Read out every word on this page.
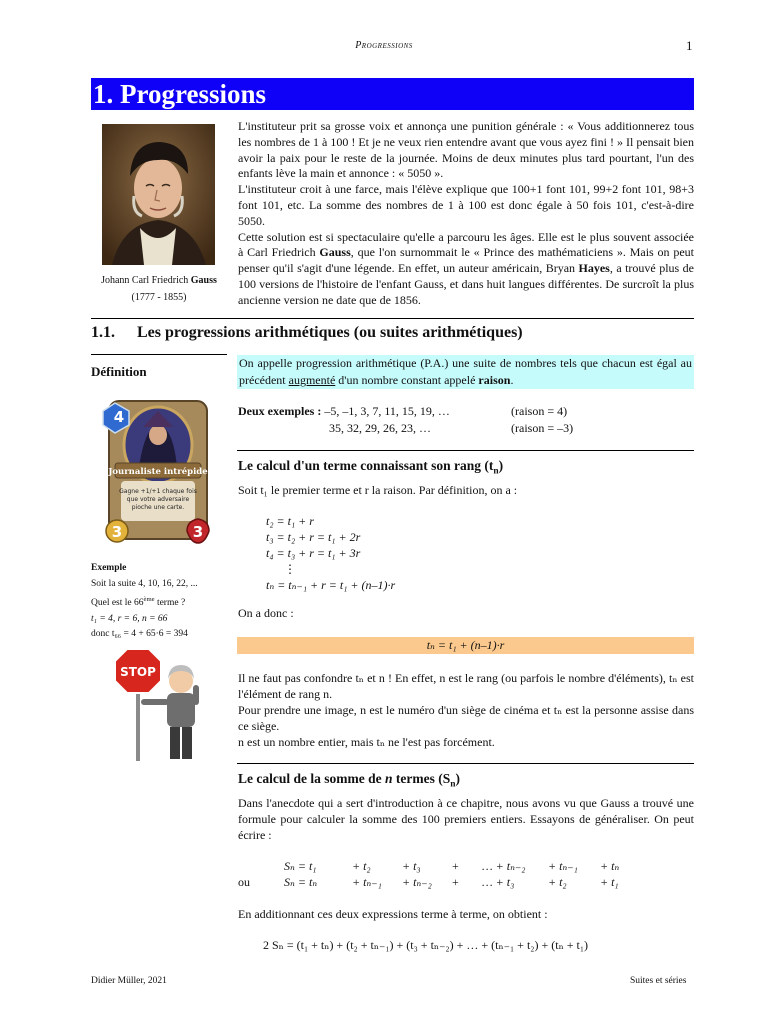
Progressions	1
1. Progressions
Johann Carl Friedrich Gauss
(1777 - 1855)

L'instituteur prit sa grosse voix et annonça une punition générale : « Vous additionnerez tous les nombres de 1 à 100 ! Et je ne veux rien entendre avant que vous ayez fini ! » Il pensait bien avoir la paix pour le reste de la journée. Moins de deux minutes plus tard pourtant, l'un des enfants lève la main et annonce : « 5050 ».

L'instituteur croit à une farce, mais l'élève explique que 100+1 font 101, 99+2 font 101, 98+3 font 101, etc. La somme des nombres de 1 à 100 est donc égale à 50 fois 101, c'est-à-dire 5050.

Cette solution est si spectaculaire qu'elle a parcouru les âges. Elle est le plus souvent associée à Carl Friedrich Gauss, que l'on surnommait le « Prince des mathématiciens ». Mais on peut penser qu'il s'agit d'une légende. En effet, un auteur américain, Bryan Hayes, a trouvé plus de 100 versions de l'histoire de l'enfant Gauss, et dans huit langues différentes. De surcroît la plus ancienne version ne date que de 1856.

1.1. Les progressions arithmétiques (ou suites arithmétiques)
Définition
On appelle progression arithmétique (P.A.) une suite de nombres tels que chacun est égal au précédent augmenté d'un nombre constant appelé raison.
Deux exemples : –5, –1, 3, 7, 11, 15, 19, …	(raison = 4)
35, 32, 29, 26, 23, …	(raison = –3)
Journaliste intrépide
Gagne +1/+1 chaque fois
que votre adversaire
pioche une carte.
4
3	3
Exemple
Soit la suite 4, 10, 16, 22, ...
Quel est le 66ème terme ?
t₁ = 4, r = 6, n = 66
donc t₆₆ = 4 + 65·6 = 394
Le calcul d'un terme connaissant son rang $(t_n)$
Soit t₁ le premier terme et r la raison. Par définition, on a :
t₂ = t₁ + r
t₃ = t₂ + r = t₁ + 2r
t₄ = t₃ + r = t₁ + 3r
⋮
tₙ = tₙ₋₁ + r = t₁ + (n–1)·r
On a donc :
tₙ = t₁ + (n–1)·r
STOP	Il ne faut pas confondre tₙ et n ! En effet, n est le rang (ou parfois le nombre d'éléments), tₙ est l'élément de rang n.
Pour prendre une image, n est le numéro d'un siège de cinéma et tₙ est la personne assise dans ce siège.
n est un nombre entier, mais tₙ ne l'est pas forcément.
Le calcul de la somme de n termes $(S_n)$
Dans l'anecdote qui a sert d'introduction à ce chapitre, nous avons vu que Gauss a trouvé une formule pour calculer la somme des 100 premiers entiers. Essayons de généraliser. On peut écrire :
	Sₙ = t₁	+ t₂	+ t₃	+	… + tₙ₋₂	+ tₙ₋₁	+ tₙ
ou	Sₙ = tₙ	+ tₙ₋₁	+ tₙ₋₂	+	… + t₃	+ t₂	+ t₁
En additionnant ces deux expressions terme à terme, on obtient :
2 Sₙ = (t₁ + tₙ) + (t₂ + tₙ₋₁) + (t₃ + tₙ₋₂) + … + (tₙ₋₁ + t₂) + (tₙ + t₁)
Didier Müller, 2021	Suites et séries
